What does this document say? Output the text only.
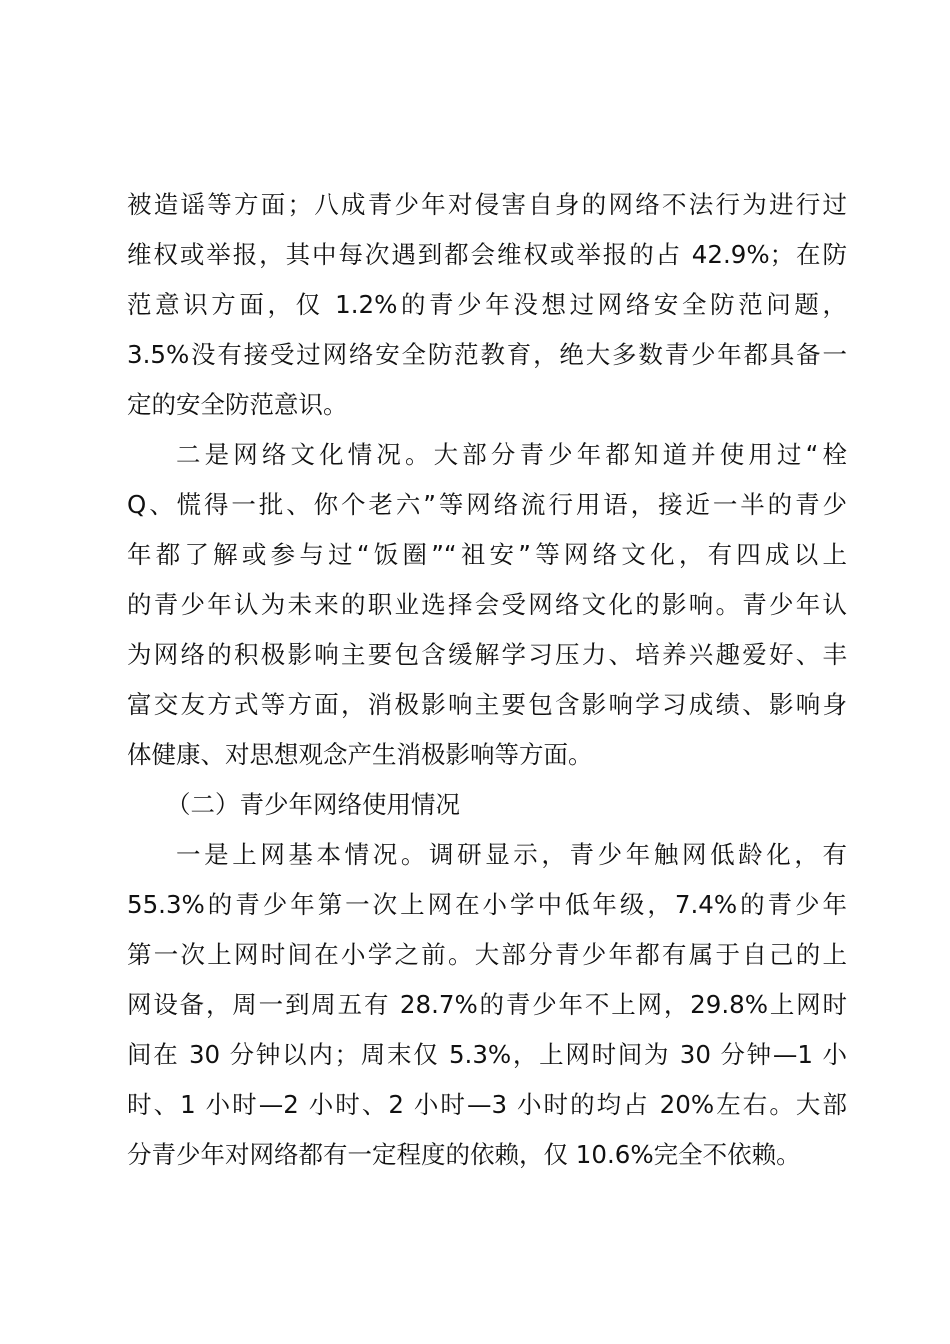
被造谣等方面；八成青少年对侵害自身的网络不法行为进行过
维权或举报，其中每次遇到都会维权或举报的占 42.9%；在防
范意识方面，仅 1.2%的青少年没想过网络安全防范问题，
3.5%没有接受过网络安全防范教育，绝大多数青少年都具备一
定的安全防范意识。
二是网络文化情况。大部分青少年都知道并使用过“栓
Q、慌得一批、你个老六”等网络流行用语，接近一半的青少
年都了解或参与过“饭圈”“祖安”等网络文化，有四成以上
的青少年认为未来的职业选择会受网络文化的影响。青少年认
为网络的积极影响主要包含缓解学习压力、培养兴趣爱好、丰
富交友方式等方面，消极影响主要包含影响学习成绩、影响身
体健康、对思想观念产生消极影响等方面。
（二）青少年网络使用情况
一是上网基本情况。调研显示，青少年触网低龄化，有
55.3%的青少年第一次上网在小学中低年级，7.4%的青少年
第一次上网时间在小学之前。大部分青少年都有属于自己的上
网设备，周一到周五有 28.7%的青少年不上网，29.8%上网时
间在 30 分钟以内；周末仅 5.3%，上网时间为 30 分钟—1 小
时、1 小时—2 小时、2 小时—3 小时的均占 20%左右。大部
分青少年对网络都有一定程度的依赖，仅 10.6%完全不依赖。
